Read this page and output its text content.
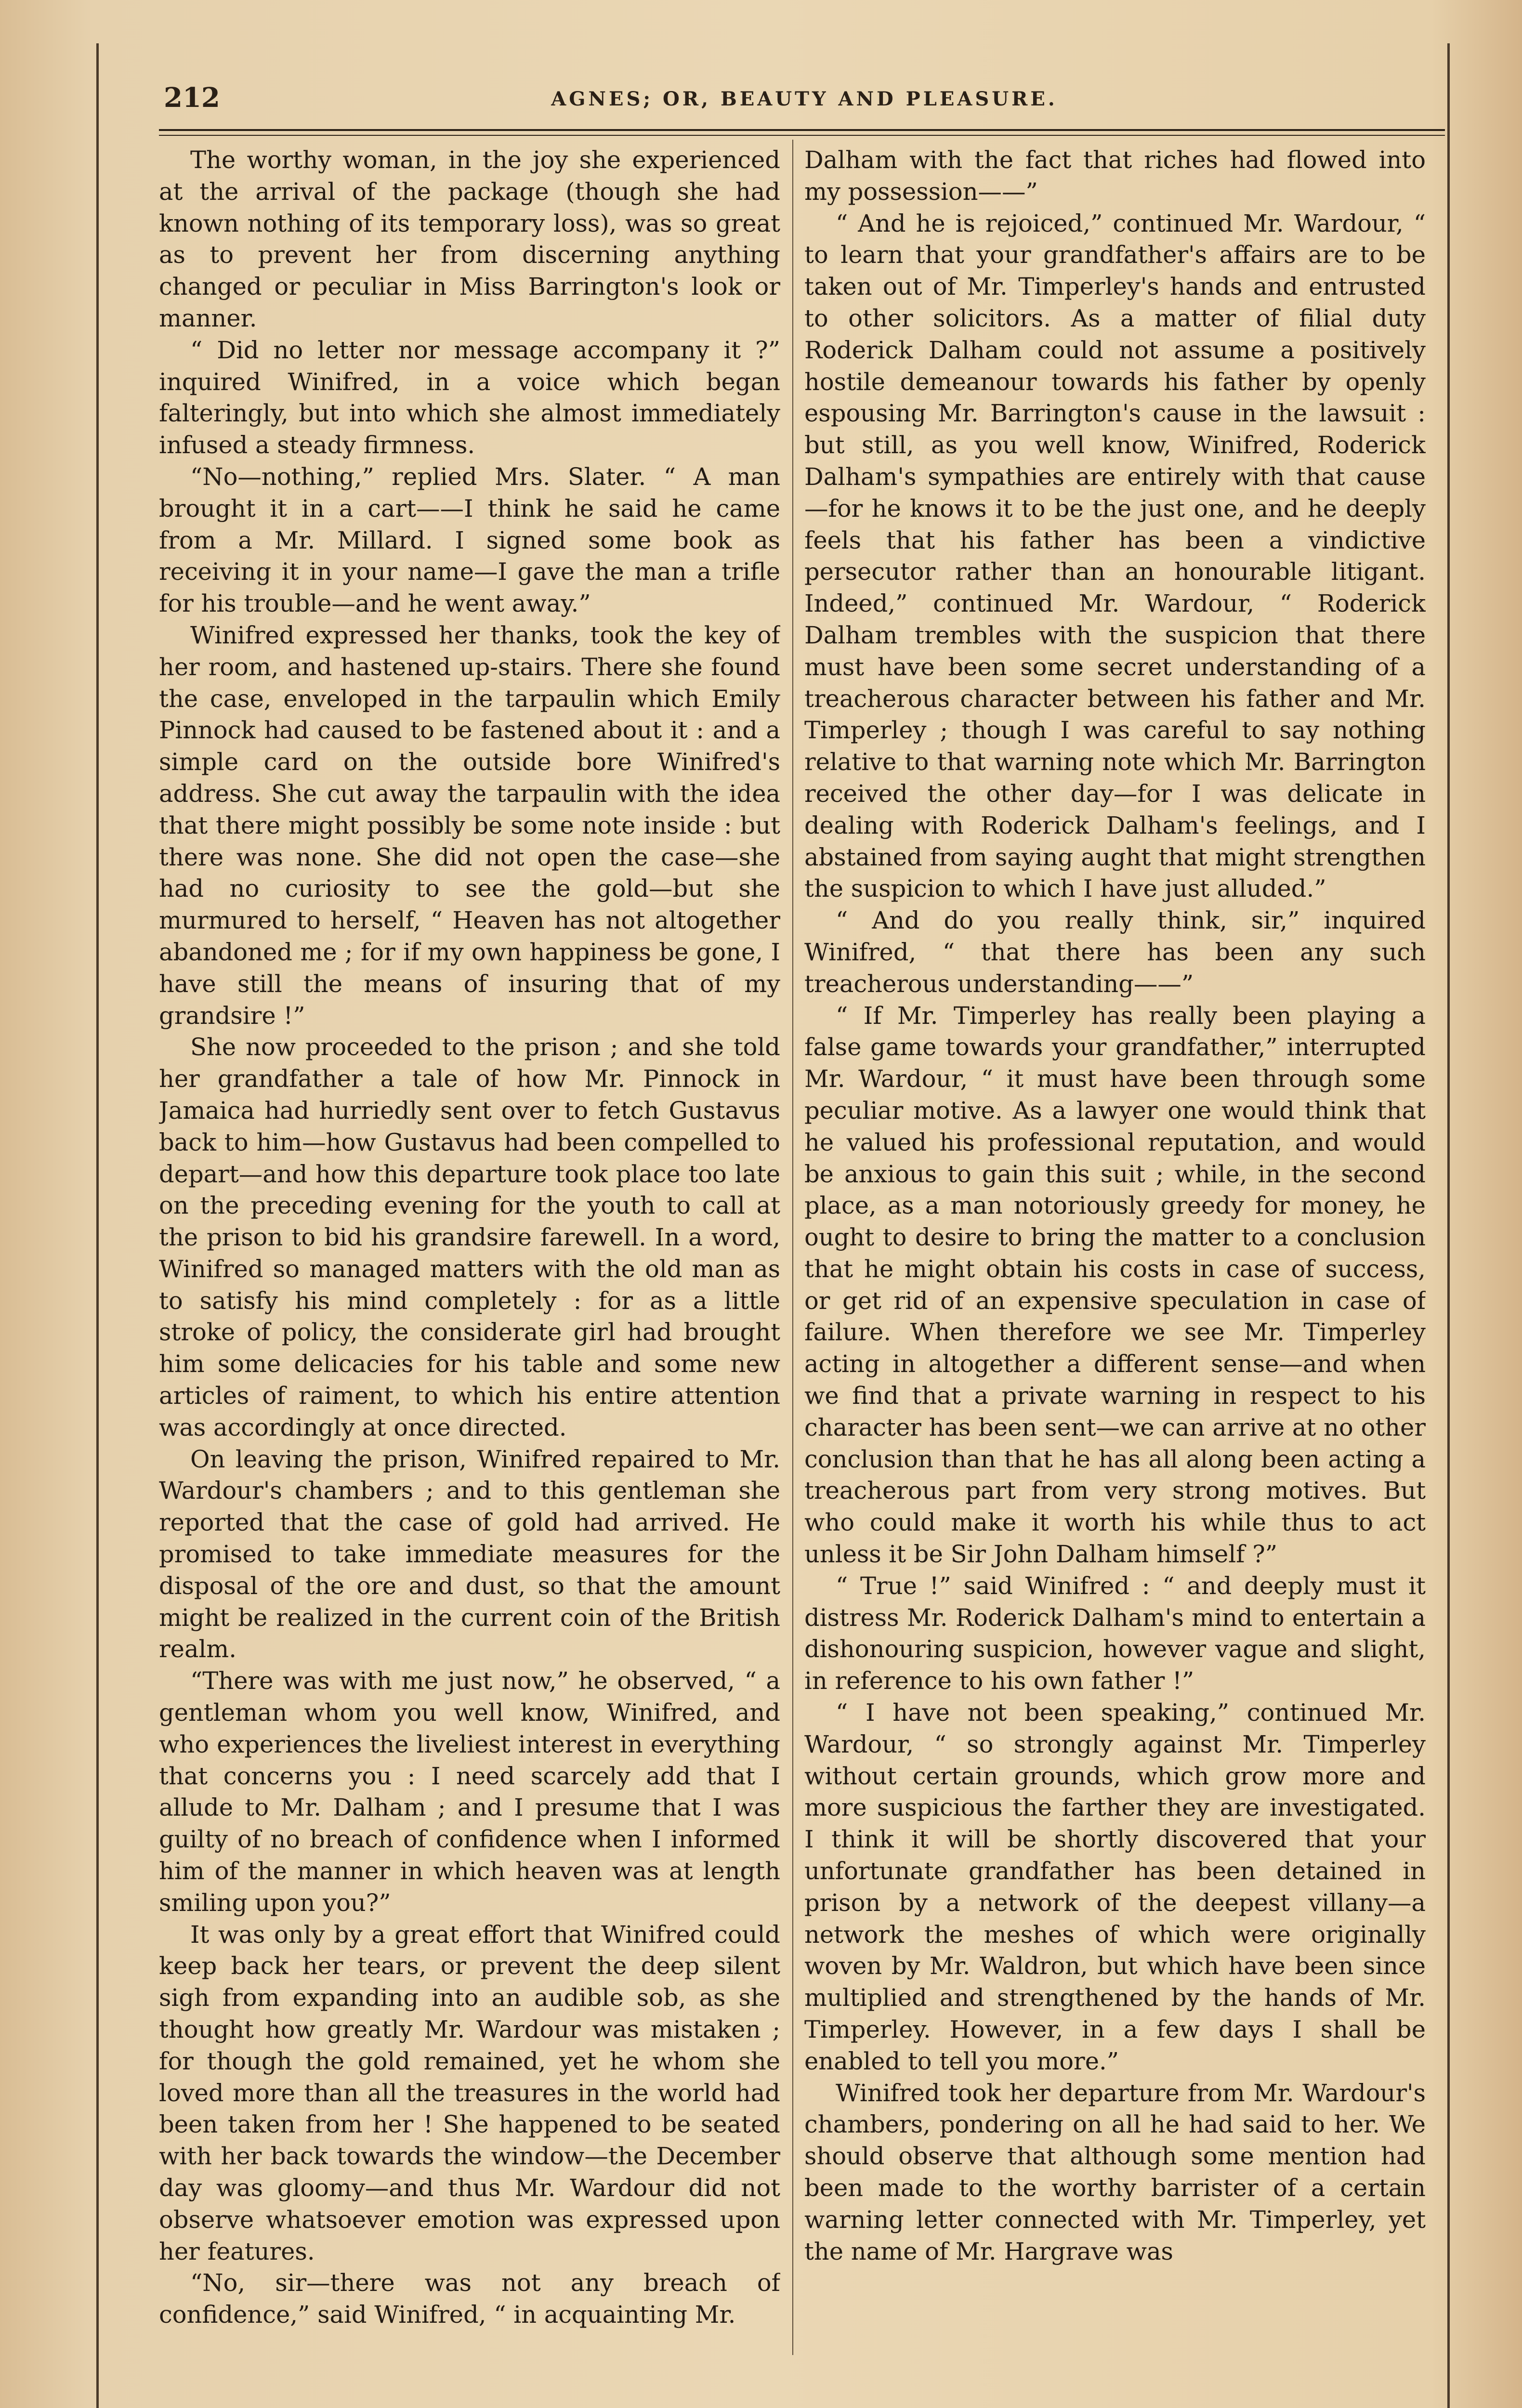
212	AGNES; OR, BEAUTY AND PLEASURE.

The worthy woman, in the joy she experienced at the arrival of the package (though she had known nothing of its temporary loss), was so great as to prevent her from discerning anything changed or peculiar in Miss Barrington's look or manner.

“ Did no letter nor message accompany it ?” inquired Winifred, in a voice which began falteringly, but into which she almost immediately infused a steady firmness.

“No—nothing,” replied Mrs. Slater. “ A man brought it in a cart——I think he said he came from a Mr. Millard. I signed some book as receiving it in your name—I gave the man a trifle for his trouble—and he went away.”

Winifred expressed her thanks, took the key of her room, and hastened up-stairs. There she found the case, enveloped in the tarpaulin which Emily Pinnock had caused to be fastened about it : and a simple card on the outside bore Winifred's address. She cut away the tarpaulin with the idea that there might possibly be some note inside : but there was none. She did not open the case—she had no curiosity to see the gold—but she murmured to herself, “ Heaven has not altogether abandoned me ; for if my own happiness be gone, I have still the means of insuring that of my grandsire !”

She now proceeded to the prison ; and she told her grandfather a tale of how Mr. Pinnock in Jamaica had hurriedly sent over to fetch Gustavus back to him—how Gustavus had been compelled to depart—and how this departure took place too late on the preceding evening for the youth to call at the prison to bid his grandsire farewell. In a word, Winifred so managed matters with the old man as to satisfy his mind completely : for as a little stroke of policy, the considerate girl had brought him some delicacies for his table and some new articles of raiment, to which his entire attention was accordingly at once directed.

On leaving the prison, Winifred repaired to Mr. Wardour's chambers ; and to this gentleman she reported that the case of gold had arrived. He promised to take immediate measures for the disposal of the ore and dust, so that the amount might be realized in the current coin of the British realm.

“There was with me just now,” he observed, “ a gentleman whom you well know, Winifred, and who experiences the liveliest interest in everything that concerns you : I need scarcely add that I allude to Mr. Dalham ; and I presume that I was guilty of no breach of confidence when I informed him of the manner in which heaven was at length smiling upon you?”

It was only by a great effort that Winifred could keep back her tears, or prevent the deep silent sigh from expanding into an audible sob, as she thought how greatly Mr. Wardour was mistaken ; for though the gold remained, yet he whom she loved more than all the treasures in the world had been taken from her ! She happened to be seated with her back towards the window—the December day was gloomy—and thus Mr. Wardour did not observe whatsoever emotion was expressed upon her features.

“No, sir—there was not any breach of confidence,” said Winifred, “ in acquainting Mr.

Dalham with the fact that riches had flowed into my possession——”

“ And he is rejoiced,” continued Mr. Wardour, “ to learn that your grandfather's affairs are to be taken out of Mr. Timperley's hands and entrusted to other solicitors. As a matter of filial duty Roderick Dalham could not assume a positively hostile demeanour towards his father by openly espousing Mr. Barrington's cause in the lawsuit : but still, as you well know, Winifred, Roderick Dalham's sympathies are entirely with that cause—for he knows it to be the just one, and he deeply feels that his father has been a vindictive persecutor rather than an honourable litigant. Indeed,” continued Mr. Wardour, “ Roderick Dalham trembles with the suspicion that there must have been some secret understanding of a treacherous character between his father and Mr. Timperley ; though I was careful to say nothing relative to that warning note which Mr. Barrington received the other day—for I was delicate in dealing with Roderick Dalham's feelings, and I abstained from saying aught that might strengthen the suspicion to which I have just alluded.”

“ And do you really think, sir,” inquired Winifred, “ that there has been any such treacherous understanding——”

“ If Mr. Timperley has really been playing a false game towards your grandfather,” interrupted Mr. Wardour, “ it must have been through some peculiar motive. As a lawyer one would think that he valued his professional reputation, and would be anxious to gain this suit ; while, in the second place, as a man notoriously greedy for money, he ought to desire to bring the matter to a conclusion that he might obtain his costs in case of success, or get rid of an expensive speculation in case of failure. When therefore we see Mr. Timperley acting in altogether a different sense—and when we find that a private warning in respect to his character has been sent—we can arrive at no other conclusion than that he has all along been acting a treacherous part from very strong motives. But who could make it worth his while thus to act unless it be Sir John Dalham himself ?”

“ True !” said Winifred : “ and deeply must it distress Mr. Roderick Dalham's mind to entertain a dishonouring suspicion, however vague and slight, in reference to his own father !”

“ I have not been speaking,” continued Mr. Wardour, “ so strongly against Mr. Timperley without certain grounds, which grow more and more suspicious the farther they are investigated. I think it will be shortly discovered that your unfortunate grandfather has been detained in prison by a network of the deepest villany—a network the meshes of which were originally woven by Mr. Waldron, but which have been since multiplied and strengthened by the hands of Mr. Timperley. However, in a few days I shall be enabled to tell you more.”

Winifred took her departure from Mr. Wardour's chambers, pondering on all he had said to her. We should observe that although some mention had been made to the worthy barrister of a certain warning letter connected with Mr. Timperley, yet the name of Mr. Hargrave was
